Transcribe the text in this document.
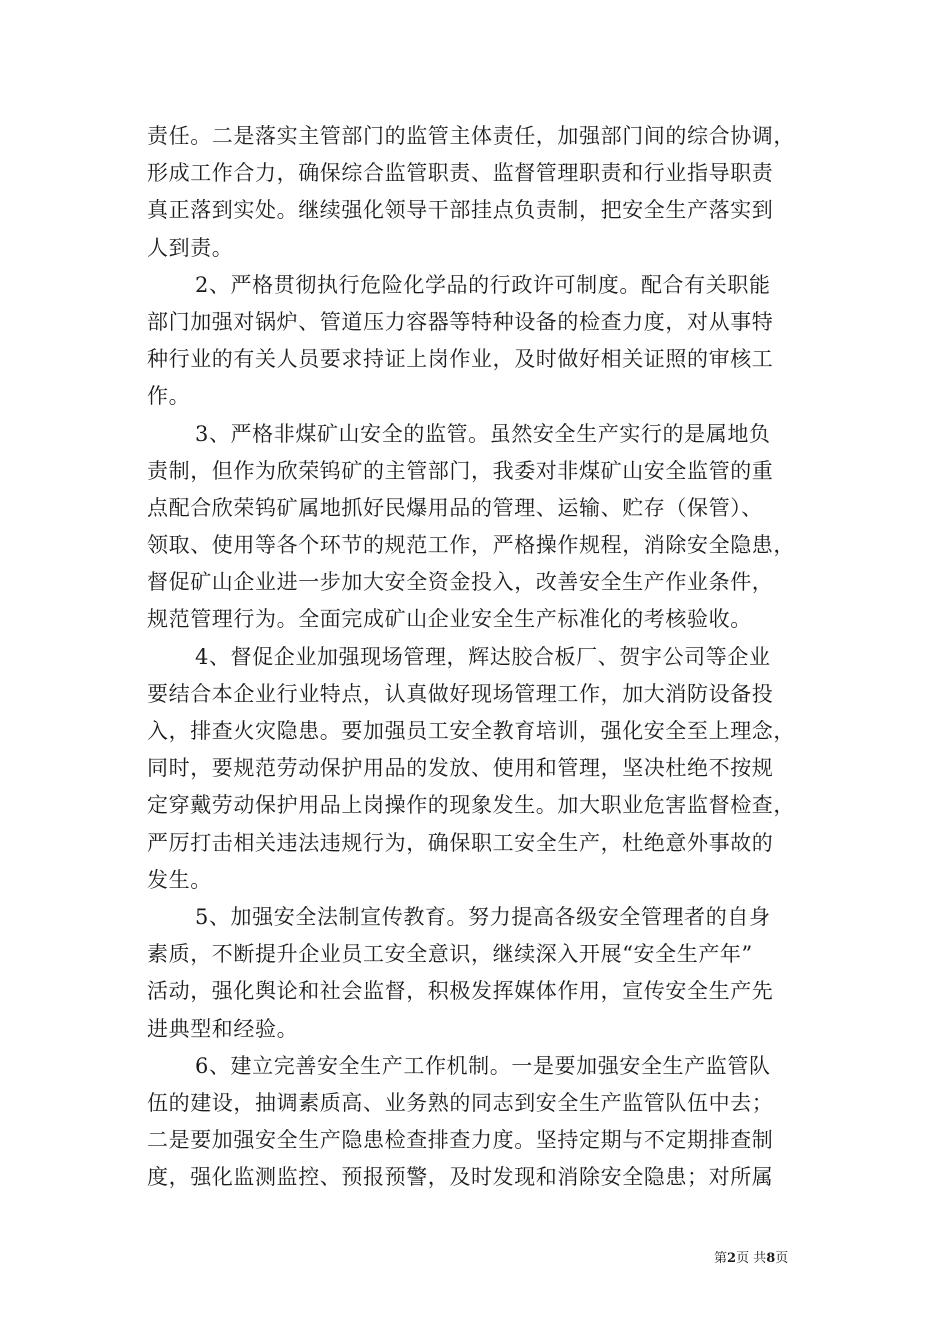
责任。二是落实主管部门的监管主体责任，加强部门间的综合协调，
形成工作合力，确保综合监管职责、监督管理职责和行业指导职责
真正落到实处。继续强化领导干部挂点负责制，把安全生产落实到
人到责。
2、严格贯彻执行危险化学品的行政许可制度。配合有关职能
部门加强对锅炉、管道压力容器等特种设备的检查力度，对从事特
种行业的有关人员要求持证上岗作业，及时做好相关证照的审核工
作。
3、严格非煤矿山安全的监管。虽然安全生产实行的是属地负
责制，但作为欣荣钨矿的主管部门，我委对非煤矿山安全监管的重
点配合欣荣钨矿属地抓好民爆用品的管理、运输、贮存（保管）、
领取、使用等各个环节的规范工作，严格操作规程，消除安全隐患，
督促矿山企业进一步加大安全资金投入，改善安全生产作业条件，
规范管理行为。全面完成矿山企业安全生产标准化的考核验收。
4、督促企业加强现场管理，辉达胶合板厂、贺宇公司等企业
要结合本企业行业特点，认真做好现场管理工作，加大消防设备投
入，排查火灾隐患。要加强员工安全教育培训，强化安全至上理念，
同时，要规范劳动保护用品的发放、使用和管理，坚决杜绝不按规
定穿戴劳动保护用品上岗操作的现象发生。加大职业危害监督检查，
严厉打击相关违法违规行为，确保职工安全生产，杜绝意外事故的
发生。
5、加强安全法制宣传教育。努力提高各级安全管理者的自身
素质，不断提升企业员工安全意识，继续深入开展“安全生产年”
活动，强化舆论和社会监督，积极发挥媒体作用，宣传安全生产先
进典型和经验。
6、建立完善安全生产工作机制。一是要加强安全生产监管队
伍的建设，抽调素质高、业务熟的同志到安全生产监管队伍中去；
二是要加强安全生产隐患检查排查力度。坚持定期与不定期排查制
度，强化监测监控、预报预警，及时发现和消除安全隐患；对所属
第2页 共8页
